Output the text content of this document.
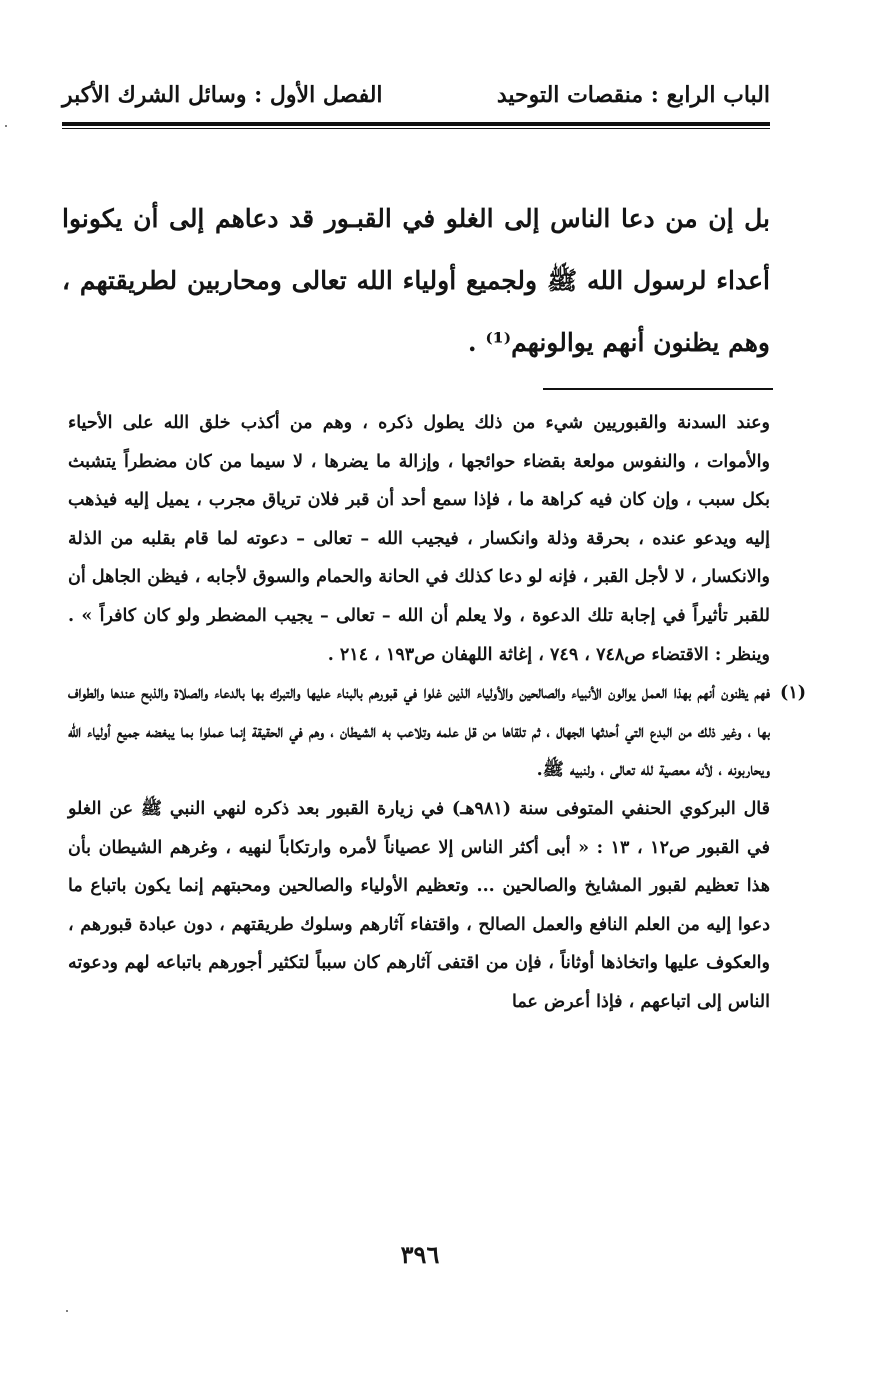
الباب الرابع : منقصات التوحيد
الفصل الأول : وسائل الشرك الأكبر
بل إن من دعا الناس إلى الغلو في القبـور قد دعاهم إلى أن يكونوا أعداء لرسول الله ﷺ ولجميع أولياء الله تعالى ومحاربين لطريقتهم ، وهم يظنون أنهم يوالونهم⁽¹⁾ .

وعند السدنة والقبوريين شيء من ذلك يطول ذكره ، وهم من أكذب خلق الله على الأحياء والأموات ، والنفوس مولعة بقضاء حوائجها ، وإزالة ما يضرها ، لا سيما من كان مضطراً يتشبث بكل سبب ، وإن كان فيه كراهة ما ، فإذا سمع أحد أن قبر فلان ترياق مجرب ، يميل إليه فيذهب إليه ويدعو عنده ، بحرقة وذلة وانكسار ، فيجيب الله – تعالى – دعوته لما قام بقلبه من الذلة والانكسار ، لا لأجل القبر ، فإنه لو دعا كذلك في الحانة والحمام والسوق لأجابه ، فيظن الجاهل أن للقبر تأثيراً في إجابة تلك الدعوة ، ولا يعلم أن الله – تعالى – يجيب المضطر ولو كان كافراً » . وينظر : الاقتضاء ص٧٤٨ ، ٧٤٩ ، إغاثة اللهفان ص١٩٣ ، ٢١٤ .

(١)
فهم يظنون أنهم بهذا العمل يوالون الأنبياء والصالحين والأولياء الذين غلوا في قبورهم بالبناء عليها والتبرك بها بالدعاء والصلاة والذبح عندها والطواف بها ، وغير ذلك من البدع التي أحدثها الجهال ، ثم تلقاها من قل علمه وتلاعب به الشيطان ، وهم في الحقيقة إنما عملوا بما يبغضه جميع أولياء الله ويحاربونه ، لأنه معصية لله تعالى ، ولنبيه ﷺ.

قال البركوي الحنفي المتوفى سنة (٩٨١هـ) في زيارة القبور بعد ذكره لنهي النبي ﷺ عن الغلو في القبور ص١٢ ، ١٣ : « أبى أكثر الناس إلا عصياناً لأمره وارتكاباً لنهيه ، وغرهم الشيطان بأن هذا تعظيم لقبور المشايخ والصالحين ... وتعظيم الأولياء والصالحين ومحبتهم إنما يكون باتباع ما دعوا إليه من العلم النافع والعمل الصالح ، واقتفاء آثارهم وسلوك طريقتهم ، دون عبادة قبورهم ، والعكوف عليها واتخاذها أوثاناً ، فإن من اقتفى آثارهم كان سبباً لتكثير أجورهم باتباعه لهم ودعوته الناس إلى اتباعهم ، فإذا أعرض عما

٣٩٦
